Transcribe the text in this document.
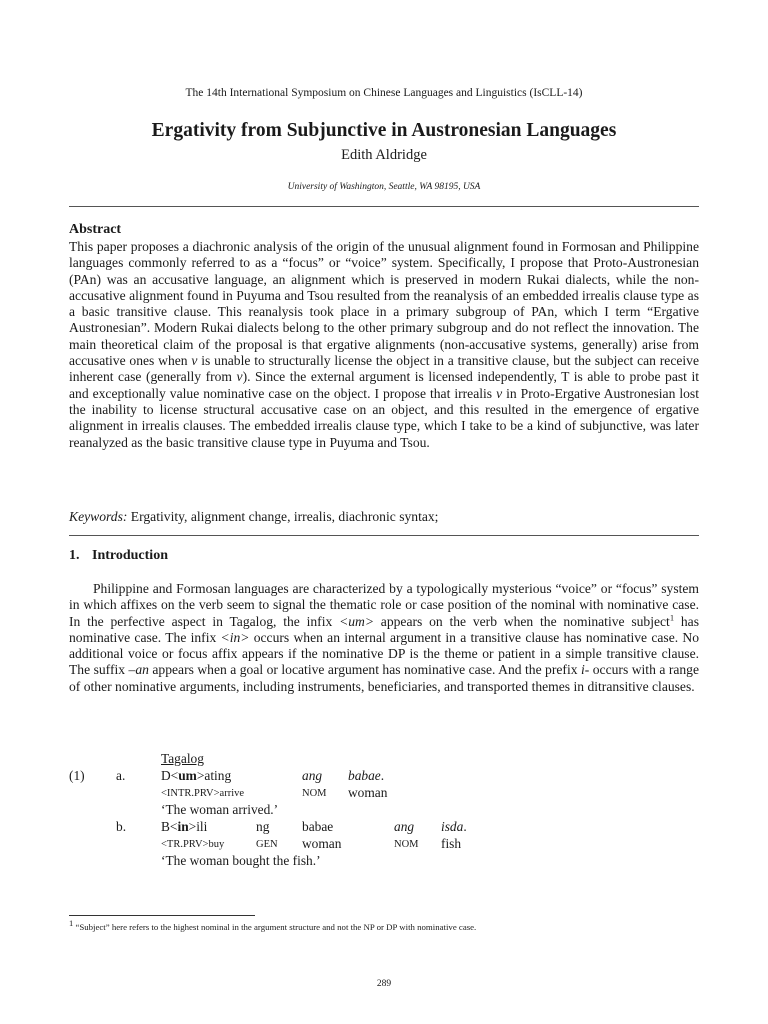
The 14th International Symposium on Chinese Languages and Linguistics (IsCLL-14)
Ergativity from Subjunctive in Austronesian Languages
Edith Aldridge
University of Washington, Seattle, WA 98195, USA
Abstract
This paper proposes a diachronic analysis of the origin of the unusual alignment found in Formosan and Philippine languages commonly referred to as a “focus” or “voice” system. Specifically, I propose that Proto-Austronesian (PAn) was an accusative language, an alignment which is preserved in modern Rukai dialects, while the non-accusative alignment found in Puyuma and Tsou resulted from the reanalysis of an embedded irrealis clause type as a basic transitive clause. This reanalysis took place in a primary subgroup of PAn, which I term “Ergative Austronesian”. Modern Rukai dialects belong to the other primary subgroup and do not reflect the innovation. The main theoretical claim of the proposal is that ergative alignments (non-accusative systems, generally) arise from accusative ones when v is unable to structurally license the object in a transitive clause, but the subject can receive inherent case (generally from v). Since the external argument is licensed independently, T is able to probe past it and exceptionally value nominative case on the object. I propose that irrealis v in Proto-Ergative Austronesian lost the inability to license structural accusative case on an object, and this resulted in the emergence of ergative alignment in irrealis clauses. The embedded irrealis clause type, which I take to be a kind of subjunctive, was later reanalyzed as the basic transitive clause type in Puyuma and Tsou.
Keywords: Ergativity, alignment change, irrealis, diachronic syntax;
1. Introduction
Philippine and Formosan languages are characterized by a typologically mysterious “voice” or “focus” system in which affixes on the verb seem to signal the thematic role or case position of the nominal with nominative case. In the perfective aspect in Tagalog, the infix <um> appears on the verb when the nominative subject$^1$ has nominative case. The infix <in> occurs when an internal argument in a transitive clause has nominative case. No additional voice or focus affix appears if the nominative DP is the theme or patient in a simple transitive clause. The suffix –an appears when a goal or locative argument has nominative case. And the prefix i- occurs with a range of other nominative arguments, including instruments, beneficiaries, and transported themes in ditransitive clauses.
Tagalog
(1) a.	D<um>ating	ang babae.
<INTR.PRV>arrive	NOM woman
‘The woman arrived.’
b.	B<in>ili	ng babae	ang isda.
<TR.PRV>buy	GEN woman	NOM fish
‘The woman bought the fish.’
$^1$ “Subject” here refers to the highest nominal in the argument structure and not the NP or DP with nominative case.
289
